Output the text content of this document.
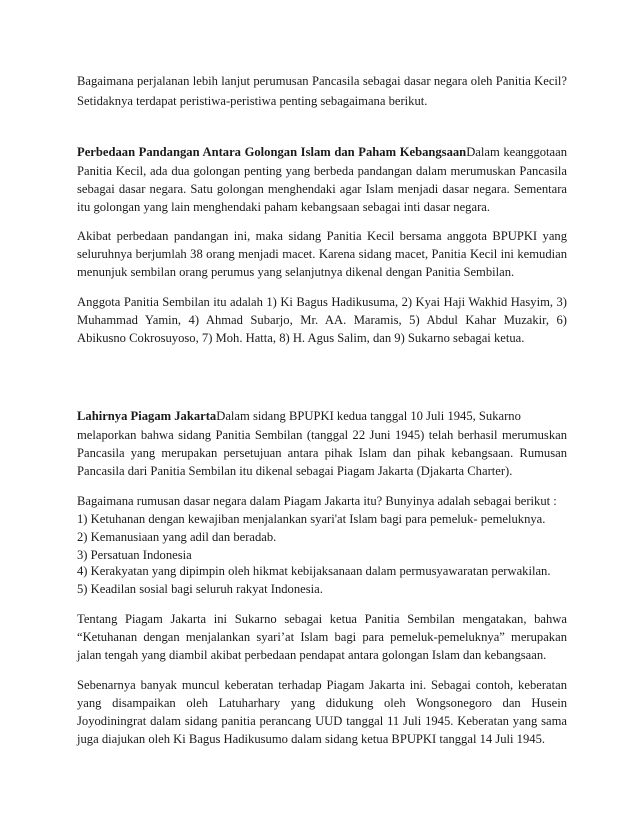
Bagaimana perjalanan lebih lanjut perumusan Pancasila sebagai dasar negara oleh Panitia Kecil?
Setidaknya terdapat peristiwa-peristiwa penting sebagaimana berikut.
Perbedaan Pandangan Antara Golongan Islam dan Paham KebangsaanDalam keanggotaan
Panitia Kecil, ada dua golongan penting yang berbeda pandangan dalam merumuskan Pancasila
sebagai dasar negara. Satu golongan menghendaki agar Islam menjadi dasar negara. Sementara
itu golongan yang lain menghendaki paham kebangsaan sebagai inti dasar negara.
Akibat perbedaan pandangan ini, maka sidang Panitia Kecil bersama anggota BPUPKI yang
seluruhnya berjumlah 38 orang menjadi macet. Karena sidang macet, Panitia Kecil ini kemudian
menunjuk sembilan orang perumus yang selanjutnya dikenal dengan Panitia Sembilan.
Anggota Panitia Sembilan itu adalah 1) Ki Bagus Hadikusuma, 2) Kyai Haji Wakhid Hasyim, 3)
Muhammad Yamin, 4) Ahmad Subarjo, Mr. AA. Maramis, 5) Abdul Kahar Muzakir, 6)
Abikusno Cokrosuyoso, 7) Moh. Hatta, 8) H. Agus Salim, dan 9) Sukarno sebagai ketua.
Lahirnya Piagam JakartaDalam sidang BPUPKI kedua tanggal 10 Juli 1945, Sukarno
melaporkan bahwa sidang Panitia Sembilan (tanggal 22 Juni 1945) telah berhasil merumuskan
Pancasila yang merupakan persetujuan antara pihak Islam dan pihak kebangsaan. Rumusan
Pancasila dari Panitia Sembilan itu dikenal sebagai Piagam Jakarta (Djakarta Charter).
Bagaimana rumusan dasar negara dalam Piagam Jakarta itu? Bunyinya adalah sebagai berikut :
1) Ketuhanan dengan kewajiban menjalankan syari'at Islam bagi para pemeluk- pemeluknya.
2) Kemanusiaan yang adil dan beradab.
3) Persatuan Indonesia
4) Kerakyatan yang dipimpin oleh hikmat kebijaksanaan dalam permusyawaratan perwakilan.
5) Keadilan sosial bagi seluruh rakyat Indonesia.
Tentang Piagam Jakarta ini Sukarno sebagai ketua Panitia Sembilan mengatakan, bahwa
“Ketuhanan dengan menjalankan syari’at Islam bagi para pemeluk-pemeluknya” merupakan
jalan tengah yang diambil akibat perbedaan pendapat antara golongan Islam dan kebangsaan.
Sebenarnya banyak muncul keberatan terhadap Piagam Jakarta ini. Sebagai contoh, keberatan
yang disampaikan oleh Latuharhary yang didukung oleh Wongsonegoro dan Husein
Joyodiningrat dalam sidang panitia perancang UUD tanggal 11 Juli 1945. Keberatan yang sama
juga diajukan oleh Ki Bagus Hadikusumo dalam sidang ketua BPUPKI tanggal 14 Juli 1945.
